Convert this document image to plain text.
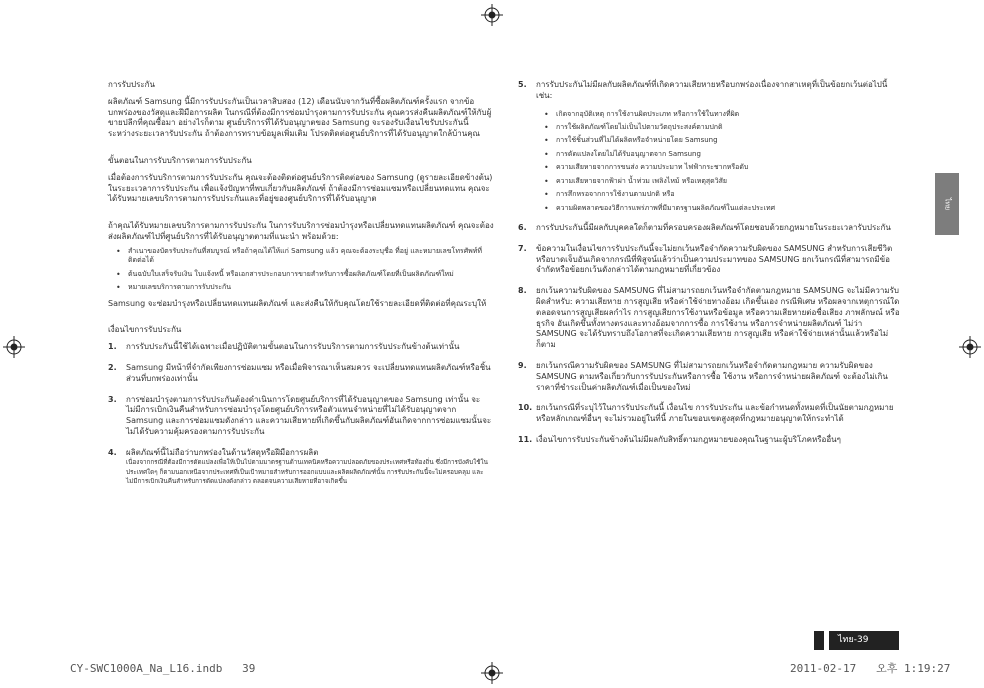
การรับประกัน
ผลิตภัณฑ์ Samsung นี้มีการรับประกันเป็นเวลาสิบสอง (12) เดือนนับจากวันที่ซื้อผลิตภัณฑ์ครั้งแรก จากข้อบกพร่องของวัสดุและฝีมือการผลิต ในกรณีที่ต้องมีการซ่อมบำรุงตามการรับประกัน คุณควรส่งคืนผลิตภัณฑ์ให้กับผู้ขายปลีกที่คุณซื้อมา อย่างไรก็ตาม ศูนย์บริการที่ได้รับอนุญาตของ Samsung จะรองรับเงื่อนไขรับประกันนี้ระหว่างระยะเวลารับประกัน ถ้าต้องการทราบข้อมูลเพิ่มเติม โปรดติดต่อศูนย์บริการที่ได้รับอนุญาตใกล้บ้านคุณ
ขั้นตอนในการรับบริการตามการรับประกัน
เมื่อต้องการรับบริการตามการรับประกัน คุณจะต้องติดต่อศูนย์บริการติดต่อของ Samsung (ดูรายละเอียดข้างต้น) ในระยะเวลาการรับประกัน เพื่อแจ้งปัญหาที่พบเกี่ยวกับผลิตภัณฑ์ ถ้าต้องมีการซ่อมแซมหรือเปลี่ยนทดแทน คุณจะได้รับหมายเลขบริการตามการรับประกันและที่อยู่ของศูนย์บริการที่ได้รับอนุญาต
ถ้าคุณได้รับหมายเลขบริการตามการรับประกัน ในการรับบริการซ่อมบำรุงหรือเปลี่ยนทดแทนผลิตภัณฑ์ คุณจะต้องส่งผลิตภัณฑ์ไปที่ศูนย์บริการที่ได้รับอนุญาตตามที่แนะนำ พร้อมด้วย:
• สำเนาของบัตรรับประกันที่สมบูรณ์ หรือถ้าคุณได้ให้แก่ Samsung แล้ว คุณจะต้องระบุชื่อ ที่อยู่ และหมายเลขโทรศัพท์ที่ติดต่อได้
• ต้นฉบับใบเสร็จรับเงิน ใบแจ้งหนี้ หรือเอกสารประกอบการขายสำหรับการซื้อผลิตภัณฑ์โดยที่เป็นผลิตภัณฑ์ใหม่
• หมายเลขบริการตามการรับประกัน
Samsung จะซ่อมบำรุงหรือเปลี่ยนทดแทนผลิตภัณฑ์ และส่งคืนให้กับคุณโดยใช้รายละเอียดที่ติดต่อที่คุณระบุให้
เงื่อนไขการรับประกัน
1. การรับประกันนี้ใช้ได้เฉพาะเมื่อปฏิบัติตามขั้นตอนในการรับบริการตามการรับประกันข้างต้นเท่านั้น
2. Samsung มีหน้าที่จำกัดเพียงการซ่อมแซม หรือเมื่อพิจารณาเห็นสมควร จะเปลี่ยนทดแทนผลิตภัณฑ์หรือชิ้นส่วนที่บกพร่องเท่านั้น
3. การซ่อมบำรุงตามการรับประกันต้องดำเนินการโดยศูนย์บริการที่ได้รับอนุญาตของ Samsung เท่านั้น จะไม่มีการเบิกเงินคืนสำหรับการซ่อมบำรุงโดยศูนย์บริการหรือตัวแทนจำหน่ายที่ไม่ได้รับอนุญาตจาก Samsung และการซ่อมแซมดังกล่าว และความเสียหายที่เกิดขึ้นกับผลิตภัณฑ์อันเกิดจากการซ่อมแซมนั้นจะไม่ได้รับความคุ้มครองตามการรับประกัน
4. ผลิตภัณฑ์นี้ไม่ถือว่าบกพร่องในด้านวัสดุหรือฝีมือการผลิต
เนื่องจากกรณีที่ต้องมีการดัดแปลงเพื่อให้เป็นไปตามมาตรฐานด้านเทคนิคหรือความปลอดภัยของประเทศหรือท้องถิ่น ซึ่งมีการบังคับใช้ในประเทศใดๆ ก็ตามนอกเหนือจากประเทศที่เป็นเป้าหมายสำหรับการออกแบบและผลิตผลิตภัณฑ์นั้น การรับประกันนี้จะไม่ครอบคลุม และไม่มีการเบิกเงินคืนสำหรับการดัดแปลงดังกล่าว ตลอดจนความเสียหายที่อาจเกิดขึ้น
5. การรับประกันไม่มีผลกับผลิตภัณฑ์ที่เกิดความเสียหายหรือบกพร่องเนื่องจากสาเหตุที่เป็นข้อยกเว้นต่อไปนี้ เช่น:
• เกิดจากอุบัติเหตุ การใช้งานผิดประเภท หรือการใช้ในทางที่ผิด
• การใช้ผลิตภัณฑ์โดยไม่เป็นไปตามวัตถุประสงค์ตามปกติ
• การใช้ชิ้นส่วนที่ไม่ได้ผลิตหรือจำหน่ายโดย Samsung
• การดัดแปลงโดยไม่ได้รับอนุญาตจาก Samsung
• ความเสียหายจากการขนส่ง ความประมาท ไฟฟ้ากระชากหรือดับ
• ความเสียหายจากฟ้าผ่า น้ำท่วม เพลิงไหม้ หรือเหตุสุดวิสัย
• การสึกหรอจากการใช้งานตามปกติ หรือ
• ความผิดพลาดของวิธีการแพร่ภาพที่มีมาตรฐานผลิตภัณฑ์ในแต่ละประเทศ
6. การรับประกันนี้มีผลกับบุคคลใดก็ตามที่ครอบครองผลิตภัณฑ์โดยชอบด้วยกฎหมายในระยะเวลารับประกัน
7. ข้อความในเงื่อนไขการรับประกันนี้จะไม่ยกเว้นหรือจำกัดความรับผิดของ SAMSUNG สำหรับการเสียชีวิตหรือบาดเจ็บอันเกิดจากกรณีที่พิสูจน์แล้วว่าเป็นความประมาทของ SAMSUNG ยกเว้นกรณีที่สามารถมีข้อจำกัดหรือข้อยกเว้นดังกล่าวได้ตามกฎหมายที่เกี่ยวข้อง
8. ยกเว้นความรับผิดของ SAMSUNG ที่ไม่สามารถยกเว้นหรือจำกัดตามกฎหมาย SAMSUNG จะไม่มีความรับผิดสำหรับ: ความเสียหาย การสูญเสีย หรือค่าใช้จ่ายทางอ้อม เกิดขึ้นเอง กรณีพิเศษ หรือผลจากเหตุการณ์ใด ตลอดจนการสูญเสียผลกำไร การสูญเสียการใช้งานหรือข้อมูล หรือความเสียหายต่อชื่อเสียง ภาพลักษณ์ หรือธุรกิจ อันเกิดขึ้นทั้งทางตรงและทางอ้อมจากการซื้อ การใช้งาน หรือการจำหน่ายผลิตภัณฑ์ ไม่ว่า SAMSUNG จะได้รับทราบถึงโอกาสที่จะเกิดความเสียหาย การสูญเสีย หรือค่าใช้จ่ายเหล่านั้นแล้วหรือไม่ก็ตาม
9. ยกเว้นกรณีความรับผิดของ SAMSUNG ที่ไม่สามารถยกเว้นหรือจำกัดตามกฎหมาย ความรับผิดของ SAMSUNG ตามหรือเกี่ยวกับการรับประกันหรือการซื้อ ใช้งาน หรือการจำหน่ายผลิตภัณฑ์ จะต้องไม่เกินราคาที่ชำระเป็นค่าผลิตภัณฑ์เมื่อเป็นของใหม่
10. ยกเว้นกรณีที่ระบุไว้ในการรับประกันนี้ เงื่อนไข การรับประกัน และข้อกำหนดทั้งหมดที่เป็นนัยตามกฎหมายหรือหลักเกณฑ์อื่นๆ จะไม่รวมอยู่ในที่นี้ ภายในขอบเขตสูงสุดที่กฎหมายอนุญาตให้กระทำได้
11. เงื่อนไขการรับประกันข้างต้นไม่มีผลกับสิทธิ์ตามกฎหมายของคุณในฐานะผู้บริโภคหรืออื่นๆ
ไทย
ไทย-39
CY-SWC1000A_Na_L16.indb   39	2011-02-17   오후 1:19:27
